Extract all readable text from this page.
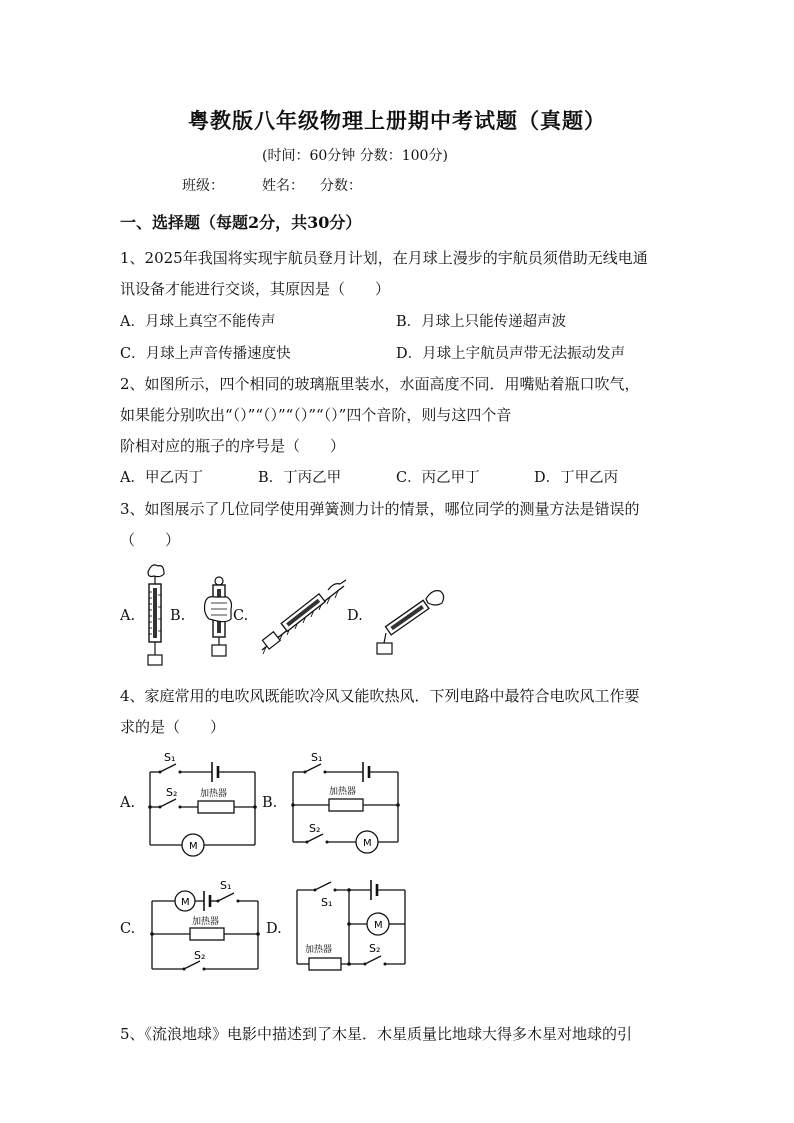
粤教版八年级物理上册期中考试题（真题）
(时间：60分钟 分数：100分)
班级：	姓名： 分数：
一、选择题（每题2分，共30分）
1、2025年我国将实现宇航员登月计划，在月球上漫步的宇航员须借助无线电通
讯设备才能进行交谈，其原因是（　　）
A．月球上真空不能传声	B．月球上只能传递超声波
C．月球上声音传播速度快	D．月球上宇航员声带无法振动发声
2、如图所示，四个相同的玻璃瓶里装水，水面高度不同．用嘴贴着瓶口吹气，
如果能分别吹出“（）”“（）”“（）”“（）”四个音阶，则与这四个音
阶相对应的瓶子的序号是（　　）
A．甲乙丙丁	B．丁丙乙甲	C．丙乙甲丁	D．丁甲乙丙
3、如图展示了几位同学使用弹簧测力计的情景，哪位同学的测量方法是错误的
（　　）
A. B.	C.	D.
4、家庭常用的电吹风既能吹冷风又能吹热风．下列电路中最符合电吹风工作要
求的是（　　）
A.	B.
C.	D.
S₁
S₂	加热器
M
S₁
S₂
加热器
M
M
S₁
加热器
S₂
S₁
M
加热器	S₂
5、《流浪地球》电影中描述到了木星．木星质量比地球大得多木星对地球的引
